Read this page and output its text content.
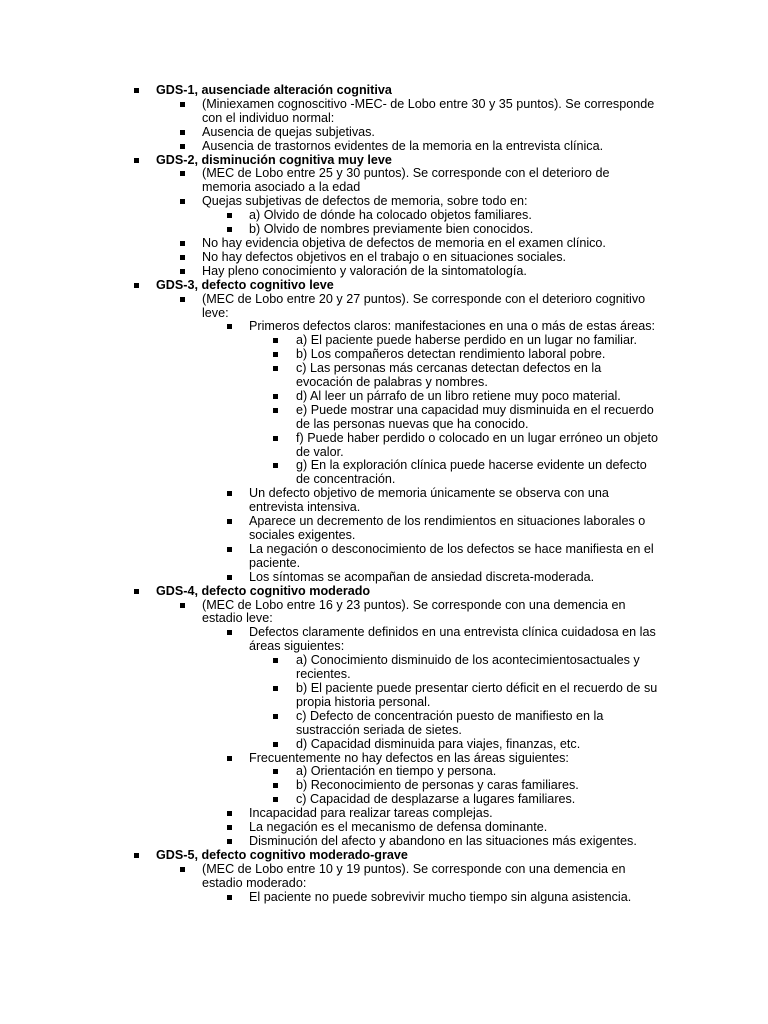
GDS-1, ausenciade alteración cognitiva
(Miniexamen cognoscitivo -MEC- de Lobo entre 30 y 35 puntos). Se corresponde con el individuo normal:
Ausencia de quejas subjetivas.
Ausencia de trastornos evidentes de la memoria en la entrevista clínica.
GDS-2, disminución cognitiva muy leve
(MEC de Lobo entre 25 y 30 puntos). Se corresponde con el deterioro de memoria asociado a la edad
Quejas subjetivas de defectos de memoria, sobre todo en:
a) Olvido de dónde ha colocado objetos familiares.
b) Olvido de nombres previamente bien conocidos.
No hay evidencia objetiva de defectos de memoria en el examen clínico.
No hay defectos objetivos en el trabajo o en situaciones sociales.
Hay pleno conocimiento y valoración de la sintomatología.
GDS-3, defecto cognitivo leve
(MEC de Lobo entre 20 y 27 puntos). Se corresponde con el deterioro cognitivo leve:
Primeros defectos claros: manifestaciones en una o más de estas áreas:
a) El paciente puede haberse perdido en un lugar no familiar.
b) Los compañeros detectan rendimiento laboral pobre.
c) Las personas más cercanas detectan defectos en la evocación de palabras y nombres.
d) Al leer un párrafo de un libro retiene muy poco material.
e) Puede mostrar una capacidad muy disminuida en el recuerdo de las personas nuevas que ha conocido.
f) Puede haber perdido o colocado en un lugar erróneo un objeto de valor.
g) En la exploración clínica puede hacerse evidente un defecto de concentración.
Un defecto objetivo de memoria únicamente se observa con una entrevista intensiva.
Aparece un decremento de los rendimientos en situaciones laborales o sociales exigentes.
La negación o desconocimiento de los defectos se hace manifiesta en el paciente.
Los síntomas se acompañan de ansiedad discreta-moderada.
GDS-4, defecto cognitivo moderado
(MEC de Lobo entre 16 y 23 puntos). Se corresponde con una demencia en estadio leve:
Defectos claramente definidos en una entrevista clínica cuidadosa en las áreas siguientes:
a) Conocimiento disminuido de los acontecimientosactuales y recientes.
b) El paciente puede presentar cierto déficit en el recuerdo de su propia historia personal.
c) Defecto de concentración puesto de manifiesto en la sustracción seriada de sietes.
d) Capacidad disminuida para viajes, finanzas, etc.
Frecuentemente no hay defectos en las áreas siguientes:
a) Orientación en tiempo y persona.
b) Reconocimiento de personas y caras familiares.
c) Capacidad de desplazarse a lugares familiares.
Incapacidad para realizar tareas complejas.
La negación es el mecanismo de defensa dominante.
Disminución del afecto y abandono en las situaciones más exigentes.
GDS-5, defecto cognitivo moderado-grave
(MEC de Lobo entre 10 y 19 puntos). Se corresponde con una demencia en estadio moderado:
El paciente no puede sobrevivir mucho tiempo sin alguna asistencia.
